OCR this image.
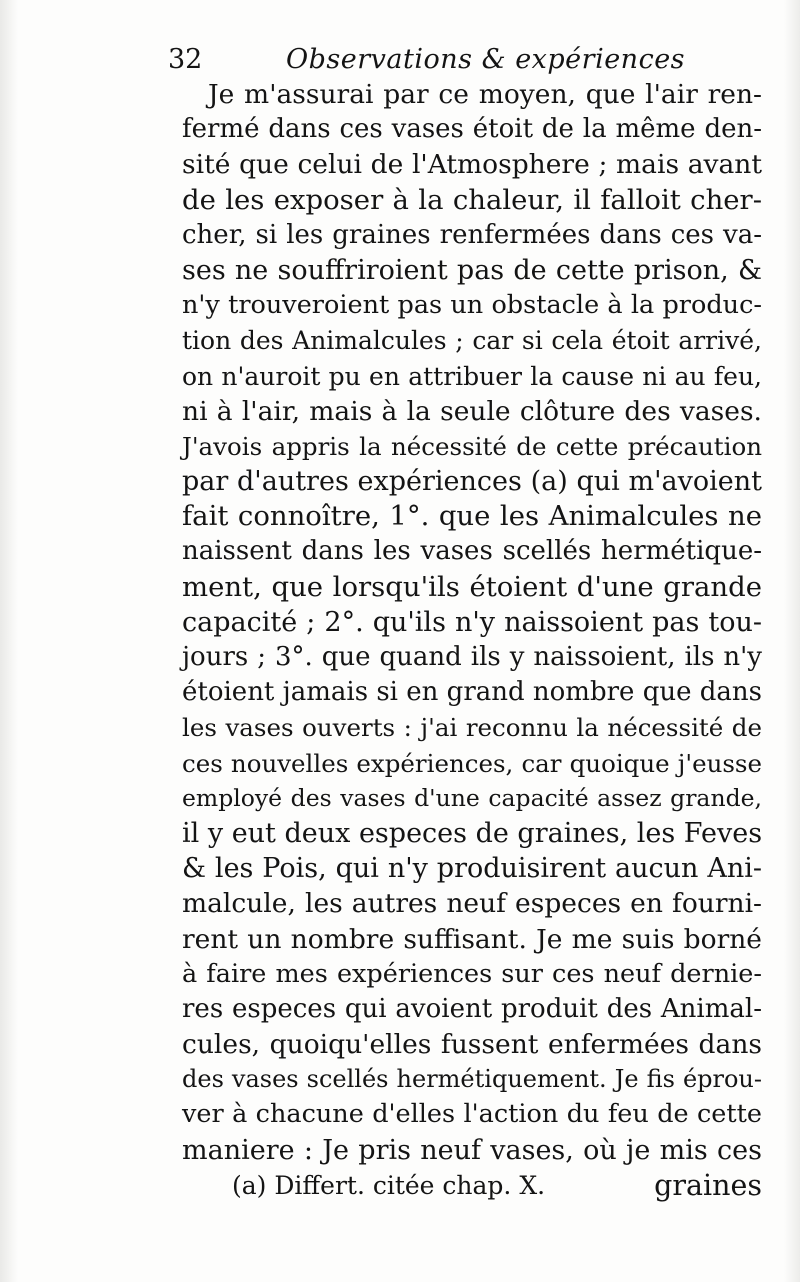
32	Observations & expériences
Je m'assurai par ce moyen, que l'air ren-
fermé dans ces vases étoit de la même den-
sité que celui de l'Atmosphere ; mais avant
de les exposer à la chaleur, il falloit cher-
cher, si les graines renfermées dans ces va-
ses ne souffriroient pas de cette prison, &
n'y trouveroient pas un obstacle à la produc-
tion des Animalcules ; car si cela étoit arrivé,
on n'auroit pu en attribuer la cause ni au feu,
ni à l'air, mais à la seule clôture des vases.
J'avois appris la nécessité de cette précaution
par d'autres expériences (a) qui m'avoient
fait connoître, 1°. que les Animalcules ne
naissent dans les vases scellés hermétique-
ment, que lorsqu'ils étoient d'une grande
capacité ; 2°. qu'ils n'y naissoient pas tou-
jours ; 3°. que quand ils y naissoient, ils n'y
étoient jamais si en grand nombre que dans
les vases ouverts : j'ai reconnu la nécessité de
ces nouvelles expériences, car quoique j'eusse
employé des vases d'une capacité assez grande,
il y eut deux especes de graines, les Feves
& les Pois, qui n'y produisirent aucun Ani-
malcule, les autres neuf especes en fourni-
rent un nombre suffisant. Je me suis borné
à faire mes expériences sur ces neuf dernie-
res especes qui avoient produit des Animal-
cules, quoiqu'elles fussent enfermées dans
des vases scellés hermétiquement. Je fis éprou-
ver à chacune d'elles l'action du feu de cette
maniere : Je pris neuf vases, où je mis ces
graines
(a) Differt. citée chap. X.
